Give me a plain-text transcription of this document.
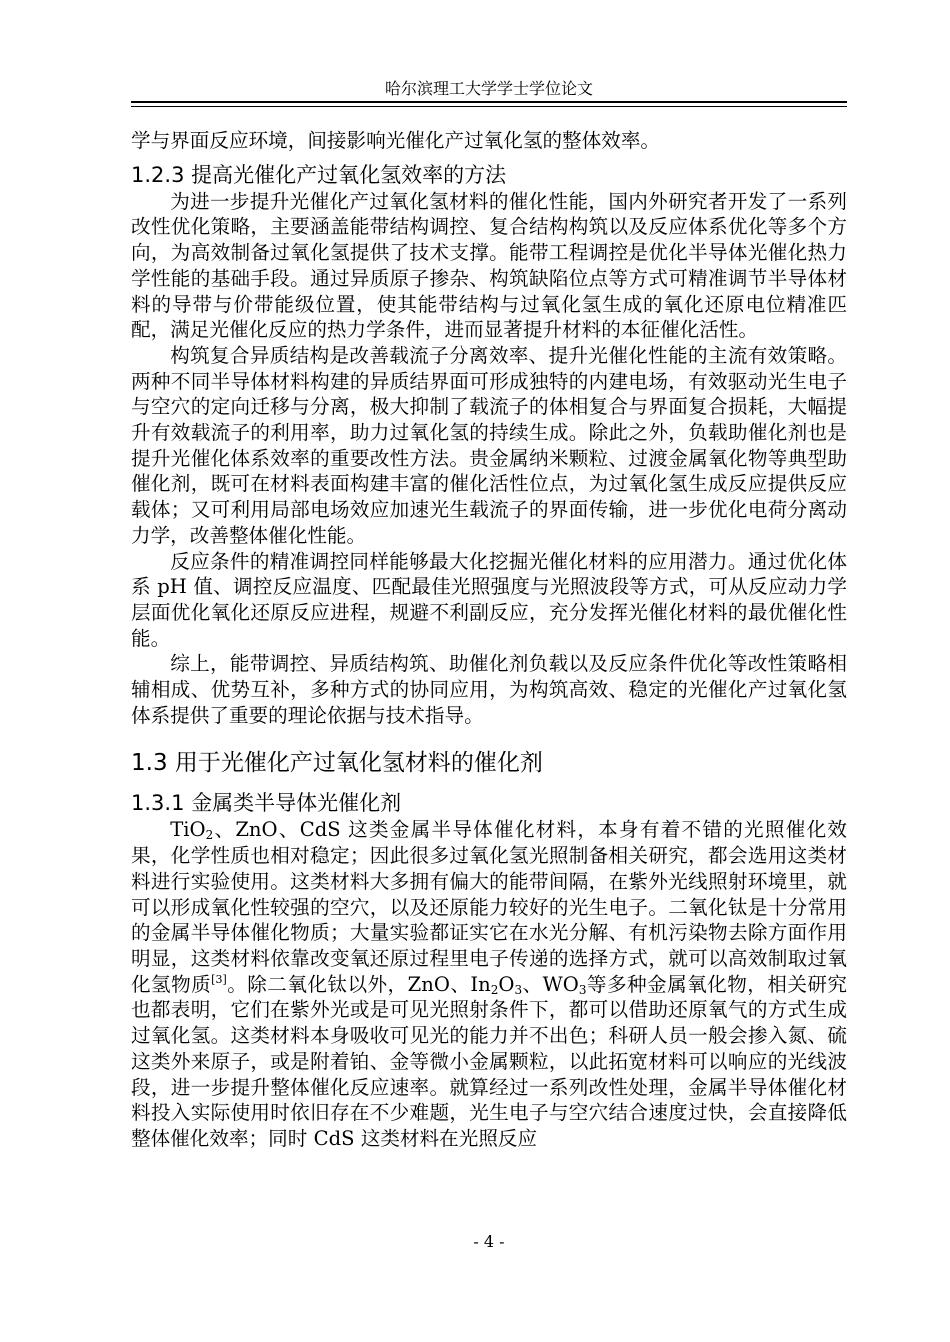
哈尔滨理工大学学士学位论文

学与界面反应环境，间接影响光催化产过氧化氢的整体效率。

1.2.3 提高光催化产过氧化氢效率的方法

为进一步提升光催化产过氧化氢材料的催化性能，国内外研究者开发了一系列改性优化策略，主要涵盖能带结构调控、复合结构构筑以及反应体系优化等多个方向，为高效制备过氧化氢提供了技术支撑。能带工程调控是优化半导体光催化热力学性能的基础手段。通过异质原子掺杂、构筑缺陷位点等方式可精准调节半导体材料的导带与价带能级位置，使其能带结构与过氧化氢生成的氧化还原电位精准匹配，满足光催化反应的热力学条件，进而显著提升材料的本征催化活性。

构筑复合异质结构是改善载流子分离效率、提升光催化性能的主流有效策略。两种不同半导体材料构建的异质结界面可形成独特的内建电场，有效驱动光生电子与空穴的定向迁移与分离，极大抑制了载流子的体相复合与界面复合损耗，大幅提升有效载流子的利用率，助力过氧化氢的持续生成。除此之外，负载助催化剂也是提升光催化体系效率的重要改性方法。贵金属纳米颗粒、过渡金属氧化物等典型助催化剂，既可在材料表面构建丰富的催化活性位点，为过氧化氢生成反应提供反应载体；又可利用局部电场效应加速光生载流子的界面传输，进一步优化电荷分离动力学，改善整体催化性能。

反应条件的精准调控同样能够最大化挖掘光催化材料的应用潜力。通过优化体系 pH 值、调控反应温度、匹配最佳光照强度与光照波段等方式，可从反应动力学层面优化氧化还原反应进程，规避不利副反应，充分发挥光催化材料的最优催化性能。

综上，能带调控、异质结构筑、助催化剂负载以及反应条件优化等改性策略相辅相成、优势互补，多种方式的协同应用，为构筑高效、稳定的光催化产过氧化氢体系提供了重要的理论依据与技术指导。

1.3 用于光催化产过氧化氢材料的催化剂
1.3.1 金属类半导体光催化剂

TiO$_2$、ZnO、CdS 这类金属半导体催化材料，本身有着不错的光照催化效果，化学性质也相对稳定；因此很多过氧化氢光照制备相关研究，都会选用这类材料进行实验使用。这类材料大多拥有偏大的能带间隔，在紫外光线照射环境里，就可以形成氧化性较强的空穴，以及还原能力较好的光生电子。二氧化钛是十分常用的金属半导体催化物质；大量实验都证实它在水光分解、有机污染物去除方面作用明显，这类材料依靠改变氧还原过程里电子传递的选择方式，就可以高效制取过氧化氢物质[3]。除二氧化钛以外，ZnO、$In_2O_3$、$WO_3$等多种金属氧化物，相关研究也都表明，它们在紫外光或是可见光照射条件下，都可以借助还原氧气的方式生成过氧化氢。这类材料本身吸收可见光的能力并不出色；科研人员一般会掺入氮、硫这类外来原子，或是附着铂、金等微小金属颗粒，以此拓宽材料可以响应的光线波段，进一步提升整体催化反应速率。就算经过一系列改性处理，金属半导体催化材料投入实际使用时依旧存在不少难题，光生电子与空穴结合速度过快，会直接降低整体催化效率；同时 CdS 这类材料在光照反应

- 4 -
